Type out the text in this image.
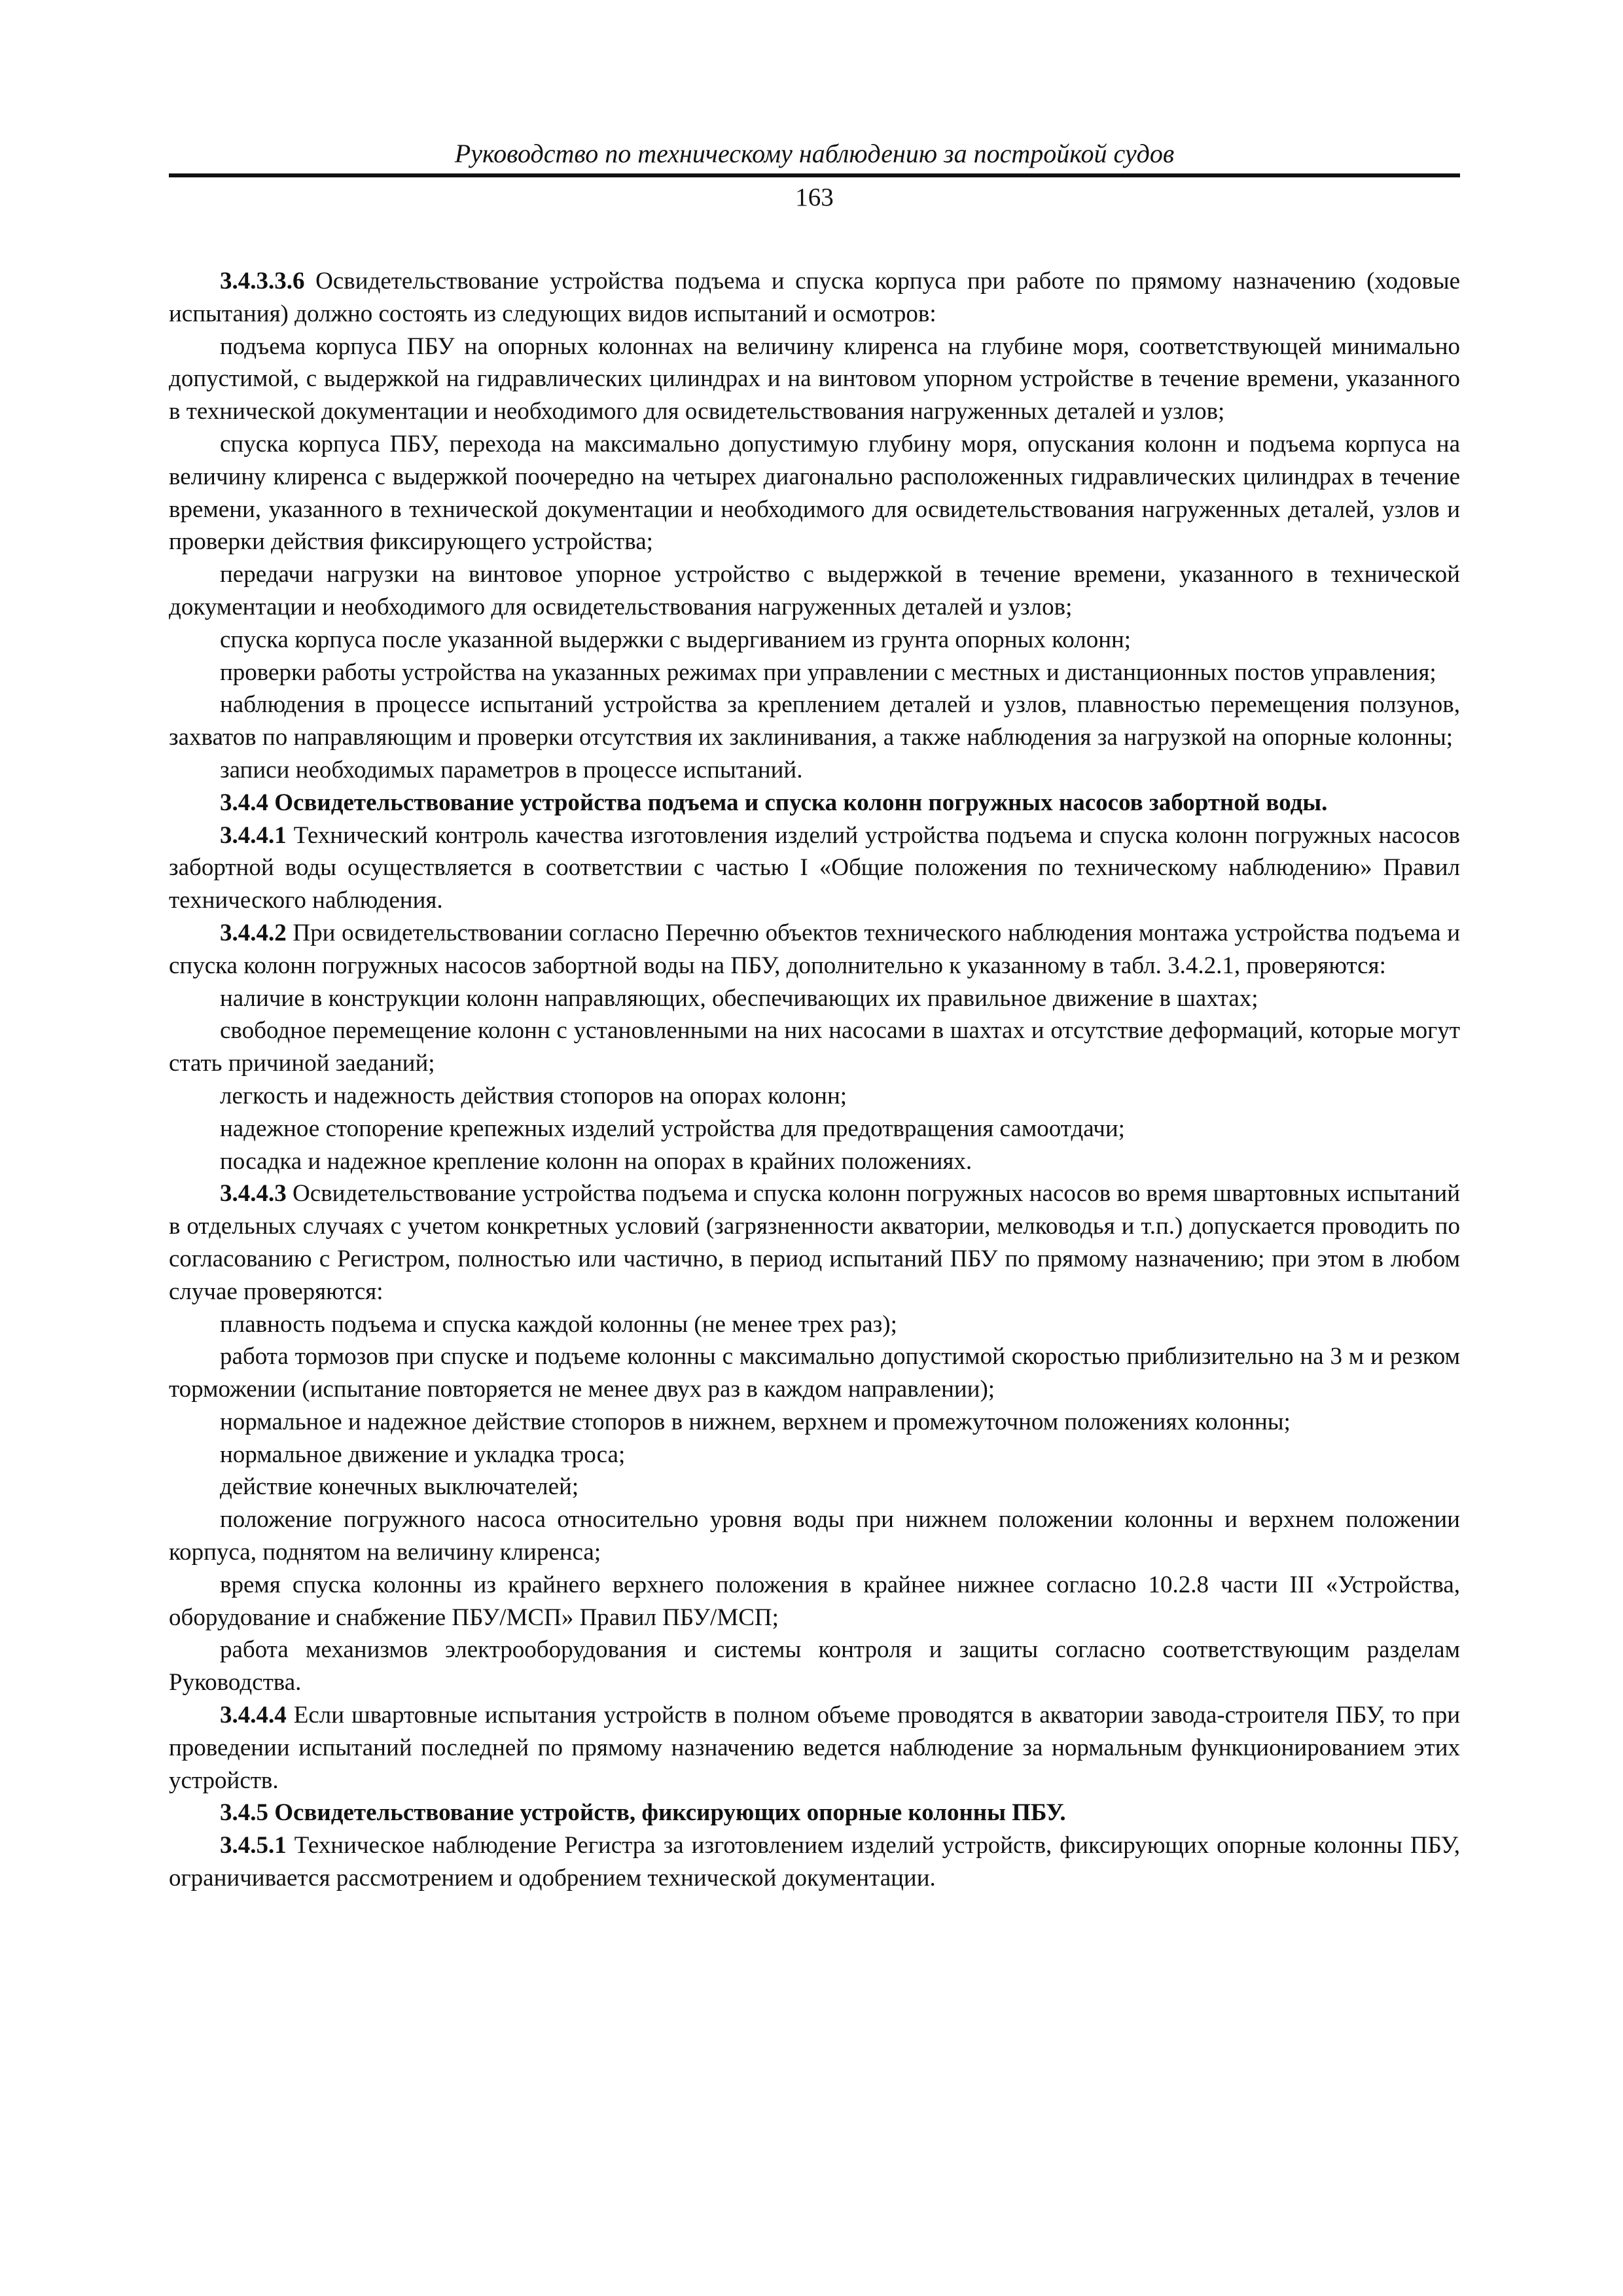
Руководство по техническому наблюдению за постройкой судов
163

3.4.3.3.6 Освидетельствование устройства подъема и спуска корпуса при работе по прямому назначению (ходовые испытания) должно состоять из следующих видов испытаний и осмотров:

подъема корпуса ПБУ на опорных колоннах на величину клиренса на глубине моря, соответствующей минимально допустимой, с выдержкой на гидравлических цилиндрах и на винтовом упорном устройстве в течение времени, указанного в технической документации и необходимого для освидетельствования нагруженных деталей и узлов;

спуска корпуса ПБУ, перехода на максимально допустимую глубину моря, опускания колонн и подъема корпуса на величину клиренса с выдержкой поочередно на четырех диагонально расположенных гидравлических цилиндрах в течение времени, указанного в технической документации и необходимого для освидетельствования нагруженных деталей, узлов и проверки действия фиксирующего устройства;

передачи нагрузки на винтовое упорное устройство с выдержкой в течение времени, указанного в технической документации и необходимого для освидетельствования нагруженных деталей и узлов;

спуска корпуса после указанной выдержки с выдергиванием из грунта опорных колонн;

проверки работы устройства на указанных режимах при управлении с местных и дистанционных постов управления;

наблюдения в процессе испытаний устройства за креплением деталей и узлов, плавностью перемещения ползунов, захватов по направляющим и проверки отсутствия их заклинивания, а также наблюдения за нагрузкой на опорные колонны;

записи необходимых параметров в процессе испытаний.

3.4.4 Освидетельствование устройства подъема и спуска колонн погружных насосов забортной воды.

3.4.4.1 Технический контроль качества изготовления изделий устройства подъема и спуска колонн погружных насосов забортной воды осуществляется в соответствии с частью I «Общие положения по техническому наблюдению» Правил технического наблюдения.

3.4.4.2 При освидетельствовании согласно Перечню объектов технического наблюдения монтажа устройства подъема и спуска колонн погружных насосов забортной воды на ПБУ, дополнительно к указанному в табл. 3.4.2.1, проверяются:

наличие в конструкции колонн направляющих, обеспечивающих их правильное движение в шахтах;

свободное перемещение колонн с установленными на них насосами в шахтах и отсутствие деформаций, которые могут стать причиной заеданий;

легкость и надежность действия стопоров на опорах колонн;

надежное стопорение крепежных изделий устройства для предотвращения самоотдачи;

посадка и надежное крепление колонн на опорах в крайних положениях.

3.4.4.3 Освидетельствование устройства подъема и спуска колонн погружных насосов во время швартовных испытаний в отдельных случаях с учетом конкретных условий (загрязненности акватории, мелководья и т.п.) допускается проводить по согласованию с Регистром, полностью или частично, в период испытаний ПБУ по прямому назначению; при этом в любом случае проверяются:

плавность подъема и спуска каждой колонны (не менее трех раз);

работа тормозов при спуске и подъеме колонны с максимально допустимой скоростью приблизительно на 3 м и резком торможении (испытание повторяется не менее двух раз в каждом направлении);

нормальное и надежное действие стопоров в нижнем, верхнем и промежуточном положениях колонны;

нормальное движение и укладка троса;

действие конечных выключателей;

положение погружного насоса относительно уровня воды при нижнем положении колонны и верхнем положении корпуса, поднятом на величину клиренса;

время спуска колонны из крайнего верхнего положения в крайнее нижнее согласно 10.2.8 части III «Устройства, оборудование и снабжение ПБУ/МСП» Правил ПБУ/МСП;

работа механизмов электрооборудования и системы контроля и защиты согласно соответствующим разделам Руководства.

3.4.4.4 Если швартовные испытания устройств в полном объеме проводятся в акватории завода-строителя ПБУ, то при проведении испытаний последней по прямому назначению ведется наблюдение за нормальным функционированием этих устройств.

3.4.5 Освидетельствование устройств, фиксирующих опорные колонны ПБУ.

3.4.5.1 Техническое наблюдение Регистра за изготовлением изделий устройств, фиксирующих опорные колонны ПБУ, ограничивается рассмотрением и одобрением технической документации.
